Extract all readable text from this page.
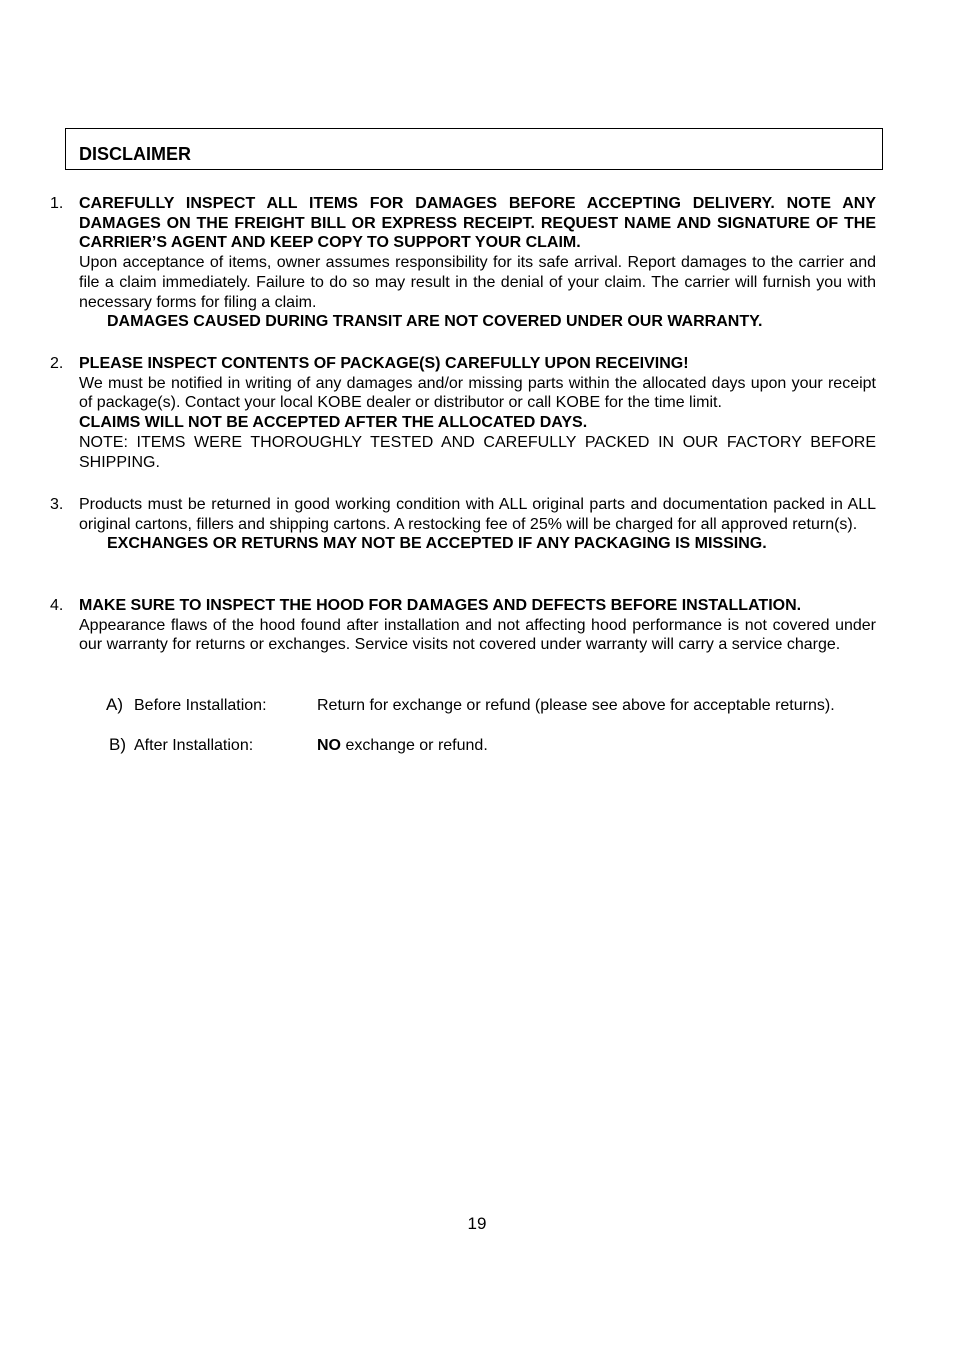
DISCLAIMER
1. CAREFULLY INSPECT ALL ITEMS FOR DAMAGES BEFORE ACCEPTING DELIVERY. NOTE ANY DAMAGES ON THE FREIGHT BILL OR EXPRESS RECEIPT. REQUEST NAME AND SIGNATURE OF THE CARRIER’S AGENT AND KEEP COPY TO SUPPORT YOUR CLAIM.

Upon acceptance of items, owner assumes responsibility for its safe arrival. Report damages to the carrier and file a claim immediately. Failure to do so may result in the denial of your claim. The carrier will furnish you with necessary forms for filing a claim.

DAMAGES CAUSED DURING TRANSIT ARE NOT COVERED UNDER OUR WARRANTY.

2. PLEASE INSPECT CONTENTS OF PACKAGE(S) CAREFULLY UPON RECEIVING!

We must be notified in writing of any damages and/or missing parts within the allocated days upon your receipt of package(s). Contact your local KOBE dealer or distributor or call KOBE for the time limit.

CLAIMS WILL NOT BE ACCEPTED AFTER THE ALLOCATED DAYS.

NOTE: ITEMS WERE THOROUGHLY TESTED AND CAREFULLY PACKED IN OUR FACTORY BEFORE SHIPPING.

3. Products must be returned in good working condition with ALL original parts and documentation packed in ALL original cartons, fillers and shipping cartons. A restocking fee of 25% will be charged for all approved return(s).

EXCHANGES OR RETURNS MAY NOT BE ACCEPTED IF ANY PACKAGING IS MISSING.

4. MAKE SURE TO INSPECT THE HOOD FOR DAMAGES AND DEFECTS BEFORE INSTALLATION.

Appearance flaws of the hood found after installation and not affecting hood performance is not covered under our warranty for returns or exchanges. Service visits not covered under warranty will carry a service charge.

A) Before Installation:	Return for exchange or refund (please see above for acceptable returns).
B) After Installation:	NO exchange or refund.
19
